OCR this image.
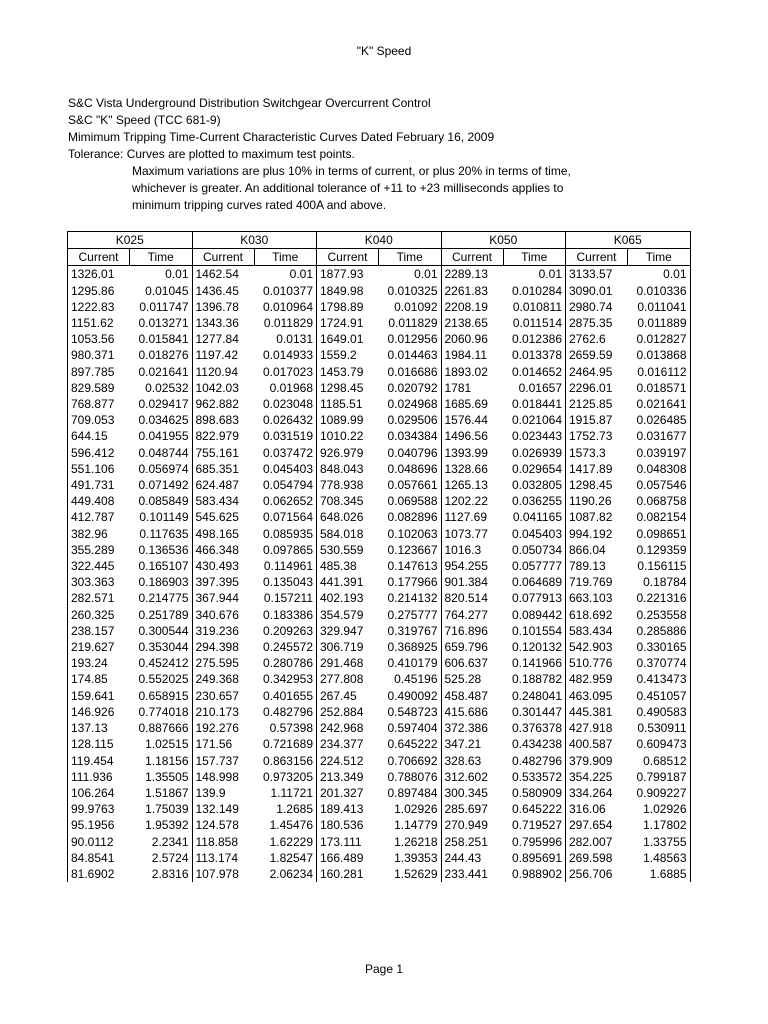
"K" Speed
S&C Vista Underground Distribution Switchgear Overcurrent Control
S&C "K" Speed (TCC 681-9)
Mimimum Tripping Time-Current Characteristic Curves Dated February 16, 2009
Tolerance: Curves are plotted to maximum test points.
Maximum variations are plus 10% in terms of current, or plus 20% in terms of time,
whichever is greater. An additional tolerance of +11 to +23 milliseconds applies to
minimum tripping curves rated 400A and above.
K025		K030		K040		K050		K065	
Current	Time	Current	Time	Current	Time	Current	Time	Current	Time
1326.01	0.01	1462.54	0.01	1877.93	0.01	2289.13	0.01	3133.57	0.01
1295.86	0.01045	1436.45	0.010377	1849.98	0.010325	2261.83	0.010284	3090.01	0.010336
1222.83	0.011747	1396.78	0.010964	1798.89	0.01092	2208.19	0.010811	2980.74	0.011041
1151.62	0.013271	1343.36	0.011829	1724.91	0.011829	2138.65	0.011514	2875.35	0.011889
1053.56	0.015841	1277.84	0.0131	1649.01	0.012956	2060.96	0.012386	2762.6	0.012827
980.371	0.018276	1197.42	0.014933	1559.2	0.014463	1984.11	0.013378	2659.59	0.013868
897.785	0.021641	1120.94	0.017023	1453.79	0.016686	1893.02	0.014652	2464.95	0.016112
829.589	0.02532	1042.03	0.01968	1298.45	0.020792	1781	0.01657	2296.01	0.018571
768.877	0.029417	962.882	0.023048	1185.51	0.024968	1685.69	0.018441	2125.85	0.021641
709.053	0.034625	898.683	0.026432	1089.99	0.029506	1576.44	0.021064	1915.87	0.026485
644.15	0.041955	822.979	0.031519	1010.22	0.034384	1496.56	0.023443	1752.73	0.031677
596.412	0.048744	755.161	0.037472	926.979	0.040796	1393.99	0.026939	1573.3	0.039197
551.106	0.056974	685.351	0.045403	848.043	0.048696	1328.66	0.029654	1417.89	0.048308
491.731	0.071492	624.487	0.054794	778.938	0.057661	1265.13	0.032805	1298.45	0.057546
449.408	0.085849	583.434	0.062652	708.345	0.069588	1202.22	0.036255	1190.26	0.068758
412.787	0.101149	545.625	0.071564	648.026	0.082896	1127.69	0.041165	1087.82	0.082154
382.96	0.117635	498.165	0.085935	584.018	0.102063	1073.77	0.045403	994.192	0.098651
355.289	0.136536	466.348	0.097865	530.559	0.123667	1016.3	0.050734	866.04	0.129359
322.445	0.165107	430.493	0.114961	485.38	0.147613	954.255	0.057777	789.13	0.156115
303.363	0.186903	397.395	0.135043	441.391	0.177966	901.384	0.064689	719.769	0.18784
282.571	0.214775	367.944	0.157211	402.193	0.214132	820.514	0.077913	663.103	0.221316
260.325	0.251789	340.676	0.183386	354.579	0.275777	764.277	0.089442	618.692	0.253558
238.157	0.300544	319.236	0.209263	329.947	0.319767	716.896	0.101554	583.434	0.285886
219.627	0.353044	294.398	0.245572	306.719	0.368925	659.796	0.120132	542.903	0.330165
193.24	0.452412	275.595	0.280786	291.468	0.410179	606.637	0.141966	510.776	0.370774
174.85	0.552025	249.368	0.342953	277.808	0.45196	525.28	0.188782	482.959	0.413473
159.641	0.658915	230.657	0.401655	267.45	0.490092	458.487	0.248041	463.095	0.451057
146.926	0.774018	210.173	0.482796	252.884	0.548723	415.686	0.301447	445.381	0.490583
137.13	0.887666	192.276	0.57398	242.968	0.597404	372.386	0.376378	427.918	0.530911
128.115	1.02515	171.56	0.721689	234.377	0.645222	347.21	0.434238	400.587	0.609473
119.454	1.18156	157.737	0.863156	224.512	0.706692	328.63	0.482796	379.909	0.68512
111.936	1.35505	148.998	0.973205	213.349	0.788076	312.602	0.533572	354.225	0.799187
106.264	1.51867	139.9	1.11721	201.327	0.897484	300.345	0.580909	334.264	0.909227
99.9763	1.75039	132.149	1.2685	189.413	1.02926	285.697	0.645222	316.06	1.02926
95.1956	1.95392	124.578	1.45476	180.536	1.14779	270.949	0.719527	297.654	1.17802
90.0112	2.2341	118.858	1.62229	173.111	1.26218	258.251	0.795996	282.007	1.33755
84.8541	2.5724	113.174	1.82547	166.489	1.39353	244.43	0.895691	269.598	1.48563
81.6902	2.8316	107.978	2.06234	160.281	1.52629	233.441	0.988902	256.706	1.6885
Page 1
